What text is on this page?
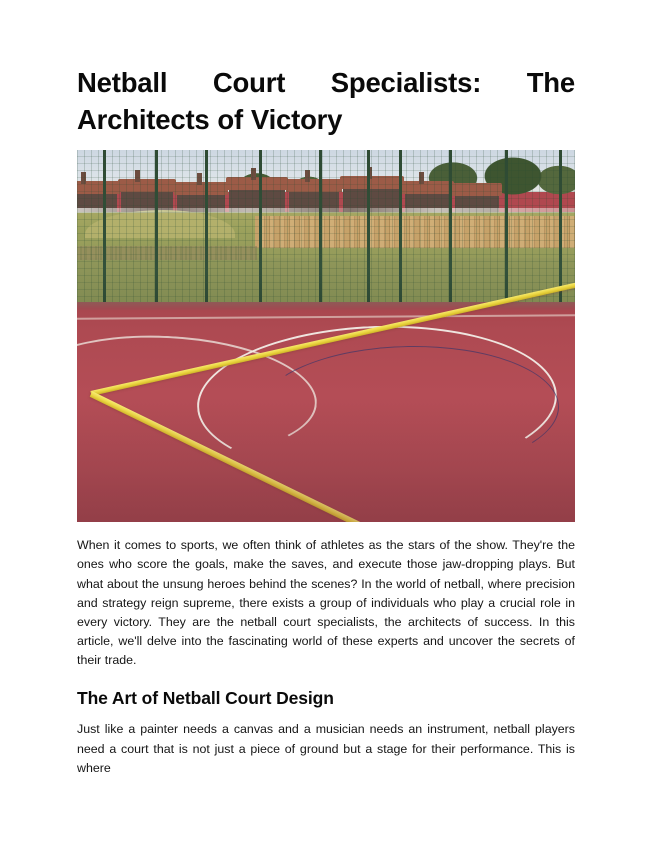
Netball Court Specialists: The
Architects of Victory

When it comes to sports, we often think of athletes as the stars of the show. They're the ones who score the goals, make the saves, and execute those jaw-dropping plays. But what about the unsung heroes behind the scenes? In the world of netball, where precision and strategy reign supreme, there exists a group of individuals who play a crucial role in every victory. They are the netball court specialists, the architects of success. In this article, we'll delve into the fascinating world of these experts and uncover the secrets of their trade.

The Art of Netball Court Design

Just like a painter needs a canvas and a musician needs an instrument, netball players need a court that is not just a piece of ground but a stage for their performance. This is where
